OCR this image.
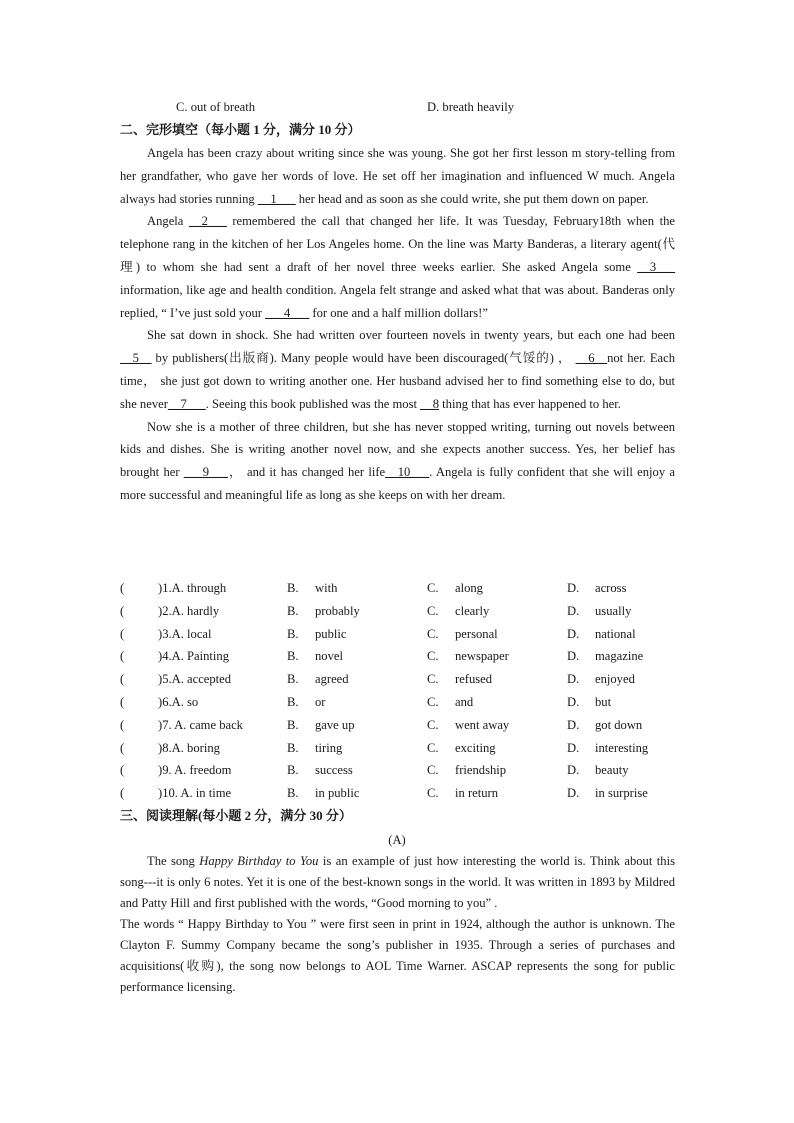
C. out of breath	D. breath heavily
二、完形填空（每小题 1 分，满分 10 分）

Angela has been crazy about writing since she was young. She got her first lesson m story-telling from her grandfather, who gave her words of love. He set off her imagination and influenced W much. Angela always had stories running __1___ her head and as soon as she could write, she put them down on paper.

Angela __2___ remembered the call that changed her life. It was Tuesday, February18th when the telephone rang in the kitchen of her Los Angeles home. On the line was Marty Banderas, a literary agent(代理) to whom she had sent a draft of her novel three weeks earlier. She asked Angela some __3___ information, like age and health condition. Angela felt strange and asked what that was about. Banderas only replied, “ I’ve just sold your ___4___ for one and a half million dollars!”

She sat down in shock. She had written over fourteen novels in twenty years, but each one had been __5__ by publishers(出版商). Many people would have been discouraged(气馁的) ， __6__not her. Each time， she just got down to writing another one. Her husband advised her to find something else to do, but she never__7___. Seeing this book published was the most __8 thing that has ever happened to her.

Now she is a mother of three children, but she has never stopped writing, turning out novels between kids and dishes. She is writing another novel now, and she expects another success. Yes, her belief has brought her ___9___， and it has changed her life__10___. Angela is fully confident that she will enjoy a more successful and meaningful life as long as she keeps on with her dream.

(	)1.A. through	B. with	C. along	D. across
(	)2.A. hardly	B. probably	C. clearly	D. usually
(	)3.A. local	B. public	C. personal	D. national
(	)4.A. Painting	B. novel	C. newspaper	D. magazine
(	)5.A. accepted	B. agreed	C. refused	D. enjoyed
(	)6.A. so	B. or	C. and	D. but
(	)7. A. came back	B. gave up	C. went away	D. got down
(	)8.A. boring	B. tiring	C. exciting	D. interesting
(	)9. A. freedom	B. success	C. friendship	D. beauty
(	)10. A. in time	B. in public	C. in return	D. in surprise
三、阅读理解(每小题 2 分，满分 30 分）
(A)

The song Happy Birthday to You is an example of just how interesting the world is. Think about this song---it is only 6 notes. Yet it is one of the best-known songs in the world. It was written in 1893 by Mildred and Patty Hill and first published with the words, “Good morning to you” .

The words “ Happy Birthday to You ” were first seen in print in 1924, although the author is unknown. The Clayton F. Summy Company became the song’s publisher in 1935. Through a series of purchases and acquisitions(收购), the song now belongs to AOL Time Warner. ASCAP represents the song for public performance licensing.
